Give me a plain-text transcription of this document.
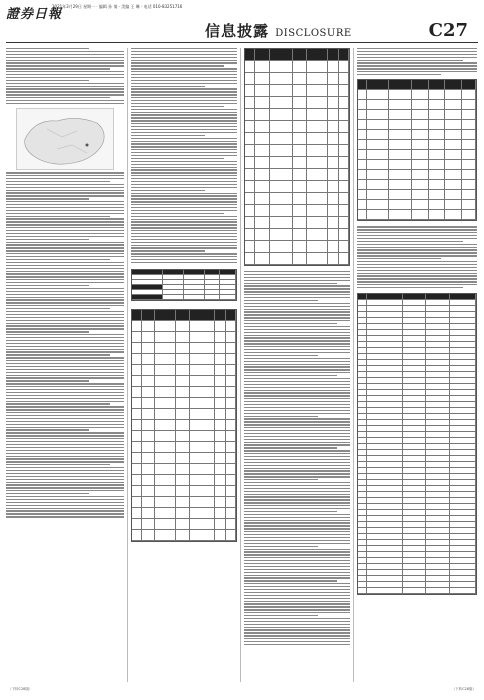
證券日報
2021年3月29日 星期一 · 编辑 孙 倩 · 美编 王 琳 · 电话 010-83251716
信息披露 DISCLOSURE	C27
（下转C28版）	（下转C28版）
